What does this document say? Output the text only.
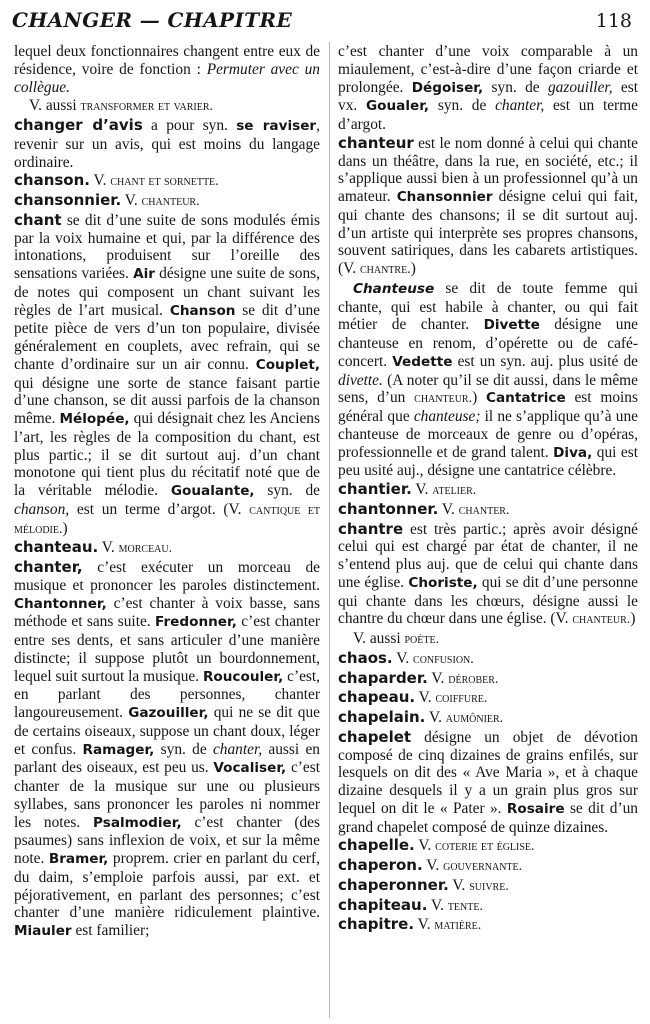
CHANGER — CHAPITRE	118

lequel deux fonctionnaires changent entre eux de résidence, voire de fonction : Permuter avec un collègue.

V. aussi transformer et varier.

changer d’avis a pour syn. se raviser, revenir sur un avis, qui est moins du langage ordinaire.

chanson. V. chant et sornette.

chansonnier. V. chanteur.

chant se dit d’une suite de sons modulés émis par la voix humaine et qui, par la différence des intonations, produisent sur l’oreille des sensations variées. Air désigne une suite de sons, de notes qui composent un chant suivant les règles de l’art musical. Chanson se dit d’une petite pièce de vers d’un ton populaire, divisée généralement en couplets, avec refrain, qui se chante d’ordinaire sur un air connu. Couplet, qui désigne une sorte de stance faisant partie d’une chanson, se dit aussi parfois de la chanson même. Mélopée, qui désignait chez les Anciens l’art, les règles de la composition du chant, est plus partic.; il se dit surtout auj. d’un chant monotone qui tient plus du récitatif noté que de la véritable mélodie. Goualante, syn. de chanson, est un terme d’argot. (V. cantique et mélodie.)

chanteau. V. morceau.

chanter, c’est exécuter un morceau de musique et prononcer les paroles distinctement. Chantonner, c’est chanter à voix basse, sans méthode et sans suite. Fredonner, c’est chanter entre ses dents, et sans articuler d’une manière distincte; il suppose plutôt un bourdonnement, lequel suit surtout la musique. Roucouler, c’est, en parlant des personnes, chanter langoureusement. Gazouiller, qui ne se dit que de certains oiseaux, suppose un chant doux, léger et confus. Ramager, syn. de chanter, aussi en parlant des oiseaux, est peu us. Vocaliser, c’est chanter de la musique sur une ou plusieurs syllabes, sans prononcer les paroles ni nommer les notes. Psalmodier, c’est chanter (des psaumes) sans inflexion de voix, et sur la même note. Bramer, proprem. crier en parlant du cerf, du daim, s’emploie parfois aussi, par ext. et péjorativement, en parlant des personnes; c’est chanter d’une manière ridiculement plaintive. Miauler est familier;

c’est chanter d’une voix comparable à un miaulement, c’est-à-dire d’une façon criarde et prolongée. Dégoiser, syn. de gazouiller, est vx. Goualer, syn. de chanter, est un terme d’argot.

chanteur est le nom donné à celui qui chante dans un théâtre, dans la rue, en société, etc.; il s’applique aussi bien à un professionnel qu’à un amateur. Chansonnier désigne celui qui fait, qui chante des chansons; il se dit surtout auj. d’un artiste qui interprète ses propres chansons, souvent satiriques, dans les cabarets artistiques. (V. chantre.)

Chanteuse se dit de toute femme qui chante, qui est habile à chanter, ou qui fait métier de chanter. Divette désigne une chanteuse en renom, d’opérette ou de café-concert. Vedette est un syn. auj. plus usité de divette. (A noter qu’il se dit aussi, dans le même sens, d’un chanteur.) Cantatrice est moins général que chanteuse; il ne s’applique qu’à une chanteuse de morceaux de genre ou d’opéras, professionnelle et de grand talent. Diva, qui est peu usité auj., désigne une cantatrice célèbre.

chantier. V. atelier.

chantonner. V. chanter.

chantre est très partic.; après avoir désigné celui qui est chargé par état de chanter, il ne s’entend plus auj. que de celui qui chante dans une église. Choriste, qui se dit d’une personne qui chante dans les chœurs, désigne aussi le chantre du chœur dans une église. (V. chanteur.)

V. aussi poète.

chaos. V. confusion.

chaparder. V. dérober.

chapeau. V. coiffure.

chapelain. V. aumônier.

chapelet désigne un objet de dévotion composé de cinq dizaines de grains enfilés, sur lesquels on dit des « Ave Maria », et à chaque dizaine desquels il y a un grain plus gros sur lequel on dit le « Pater ». Rosaire se dit d’un grand chapelet composé de quinze dizaines.

chapelle. V. coterie et église.

chaperon. V. gouvernante.

chaperonner. V. suivre.

chapiteau. V. tente.

chapitre. V. matière.
